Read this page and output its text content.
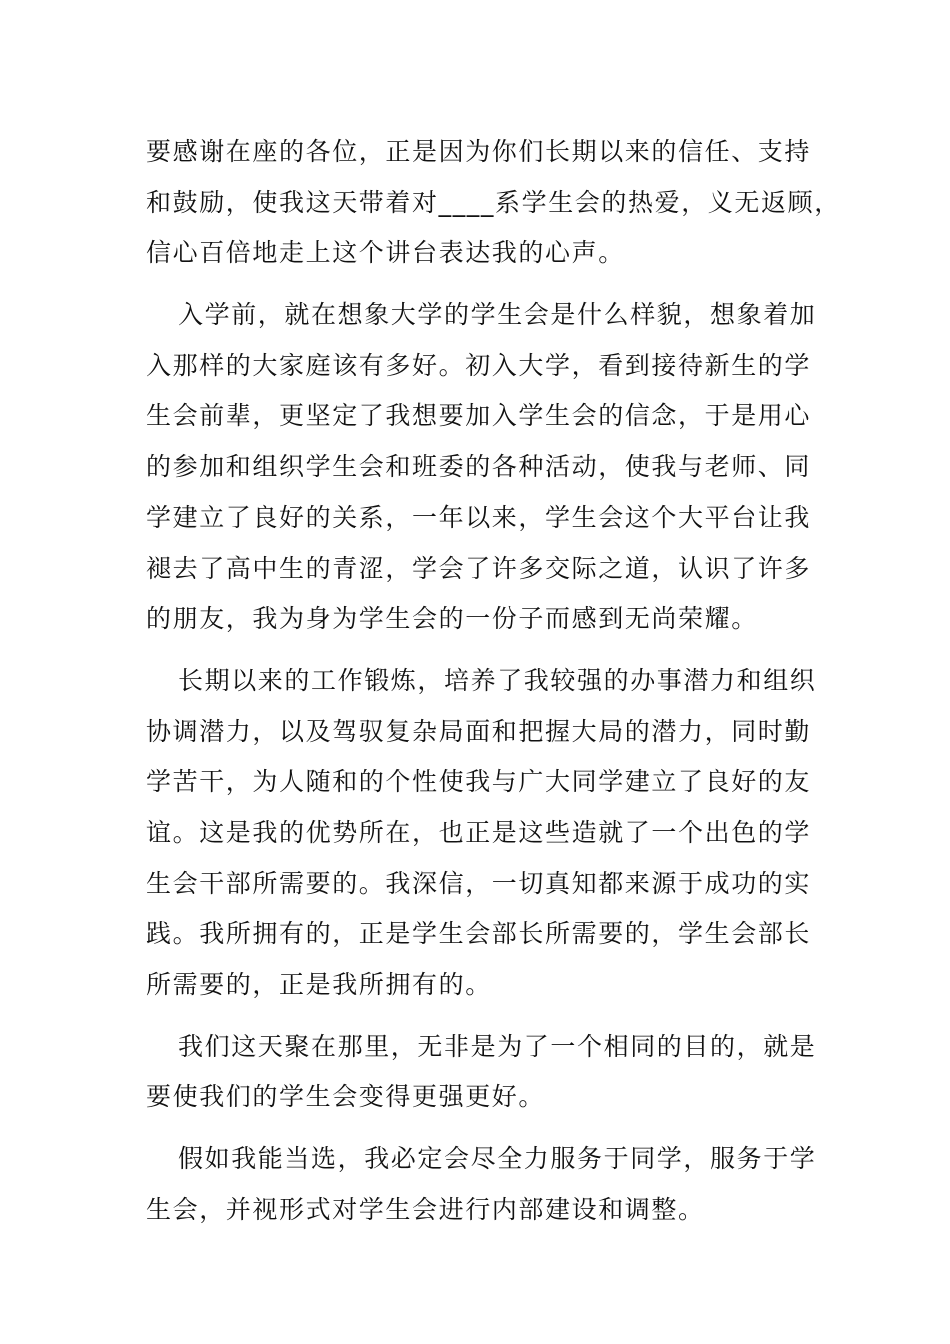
要感谢在座的各位，正是因为你们长期以来的信任、支持
和鼓励，使我这天带着对____系学生会的热爱，义无返顾，
信心百倍地走上这个讲台表达我的心声。
入学前，就在想象大学的学生会是什么样貌，想象着加
入那样的大家庭该有多好。初入大学，看到接待新生的学
生会前辈，更坚定了我想要加入学生会的信念，于是用心
的参加和组织学生会和班委的各种活动，使我与老师、同
学建立了良好的关系，一年以来，学生会这个大平台让我
褪去了高中生的青涩，学会了许多交际之道，认识了许多
的朋友，我为身为学生会的一份子而感到无尚荣耀。
长期以来的工作锻炼，培养了我较强的办事潜力和组织
协调潜力，以及驾驭复杂局面和把握大局的潜力，同时勤
学苦干，为人随和的个性使我与广大同学建立了良好的友
谊。这是我的优势所在，也正是这些造就了一个出色的学
生会干部所需要的。我深信，一切真知都来源于成功的实
践。我所拥有的，正是学生会部长所需要的，学生会部长
所需要的，正是我所拥有的。
我们这天聚在那里，无非是为了一个相同的目的，就是
要使我们的学生会变得更强更好。
假如我能当选，我必定会尽全力服务于同学，服务于学
生会，并视形式对学生会进行内部建设和调整。
